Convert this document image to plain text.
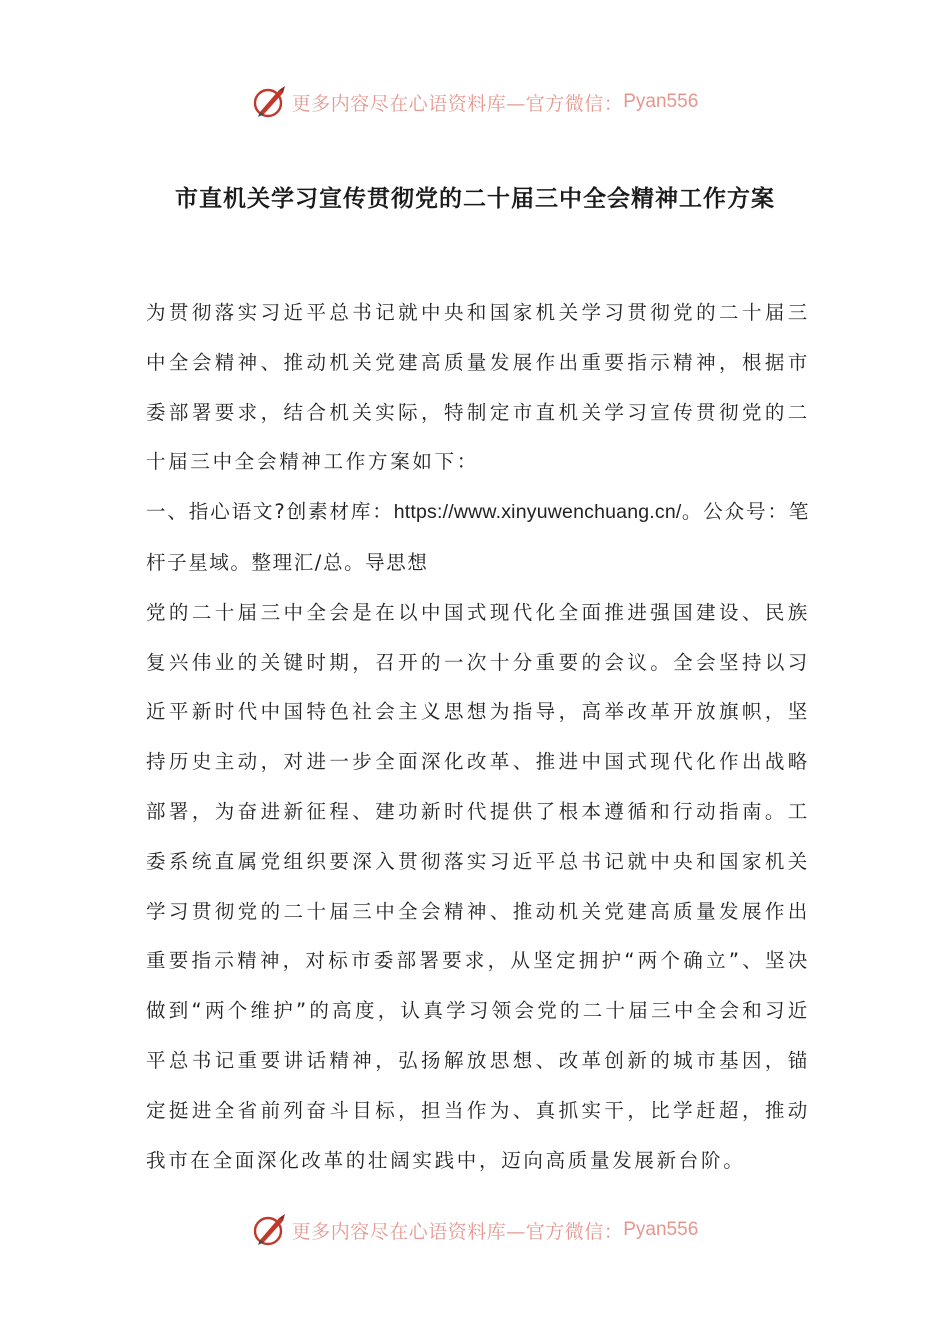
更多内容尽在心语资料库—官方微信： Pyan556
市直机关学习宣传贯彻党的二十届三中全会精神工作方案

为贯彻落实习近平总书记就中央和国家机关学习贯彻党的二十届三中全会精神、推动机关党建高质量发展作出重要指示精神，根据市委部署要求，结合机关实际，特制定市直机关学习宣传贯彻党的二十届三中全会精神工作方案如下：

一、指心语文?创素材库：https://www.xinyuwenchuang.cn/。公众号：笔杆子星域。整理汇/总。导思想

党的二十届三中全会是在以中国式现代化全面推进强国建设、民族复兴伟业的关键时期，召开的一次十分重要的会议。全会坚持以习近平新时代中国特色社会主义思想为指导，高举改革开放旗帜，坚持历史主动，对进一步全面深化改革、推进中国式现代化作出战略部署，为奋进新征程、建功新时代提供了根本遵循和行动指南。工委系统直属党组织要深入贯彻落实习近平总书记就中央和国家机关学习贯彻党的二十届三中全会精神、推动机关党建高质量发展作出重要指示精神，对标市委部署要求，从坚定拥护“两个确立”、坚决做到“两个维护”的高度，认真学习领会党的二十届三中全会和习近平总书记重要讲话精神，弘扬解放思想、改革创新的城市基因，锚定挺进全省前列奋斗目标，担当作为、真抓实干，比学赶超，推动我市在全面深化改革的壮阔实践中，迈向高质量发展新台阶。

更多内容尽在心语资料库—官方微信： Pyan556
